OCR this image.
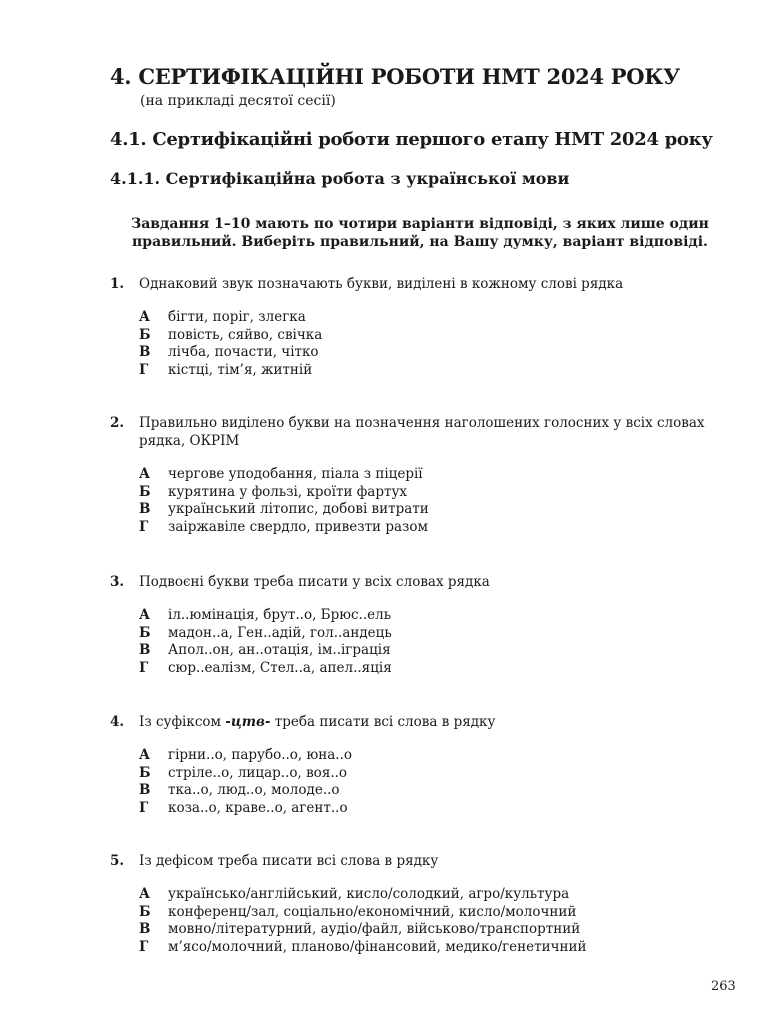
4. СЕРТИФІКАЦІЙНІ РОБОТИ НМТ 2024 РОКУ
(на прикладі десятої сесії)
4.1. Сертифікаційні роботи першого етапу НМТ 2024 року
4.1.1. Сертифікаційна робота з української мови
Завдання 1–10 мають по чотири варіанти відповіді, з яких лише один
правильний. Виберіть правильний, на Вашу думку, варіант відповіді.
1. Однаковий звук позначають букви, виділені в кожному слові рядка
А бігти, поріг, злегка
Б повість, сяйво, свічка
В лічба, почасти, чітко
Г кістці, тім’я, житній
2. Правильно виділено букви на позначення наголошених голосних у всіх словах
рядка, ОКРІМ
А чергове уподобання, піала з піцерії
Б курятина у фользі, кроїти фартух
В український літопис, добові витрати
Г заіржавіле свердло, привезти разом
3. Подвоєні букви треба писати у всіх словах рядка
А іл..юмінація, брут..о, Брюс..ель
Б мадон..а, Ген..адій, гол..андець
В Апол..он, ан..отація, ім..іграція
Г сюр..еалізм, Стел..а, апел..яція
4. Із суфіксом -цтв- треба писати всі слова в рядку
А гірни..о, парубо..о, юна..о
Б стріле..о, лицар..о, воя..о
В тка..о, люд..о, молоде..о
Г коза..о, краве..о, агент..о
5. Із дефісом треба писати всі слова в рядку
А українсько/англійський, кисло/солодкий, агро/культура
Б конференц/зал, соціально/економічний, кисло/молочний
В мовно/літературний, аудіо/файл, військово/транспортний
Г м’ясо/молочний, планово/фінансовий, медико/генетичний
263
